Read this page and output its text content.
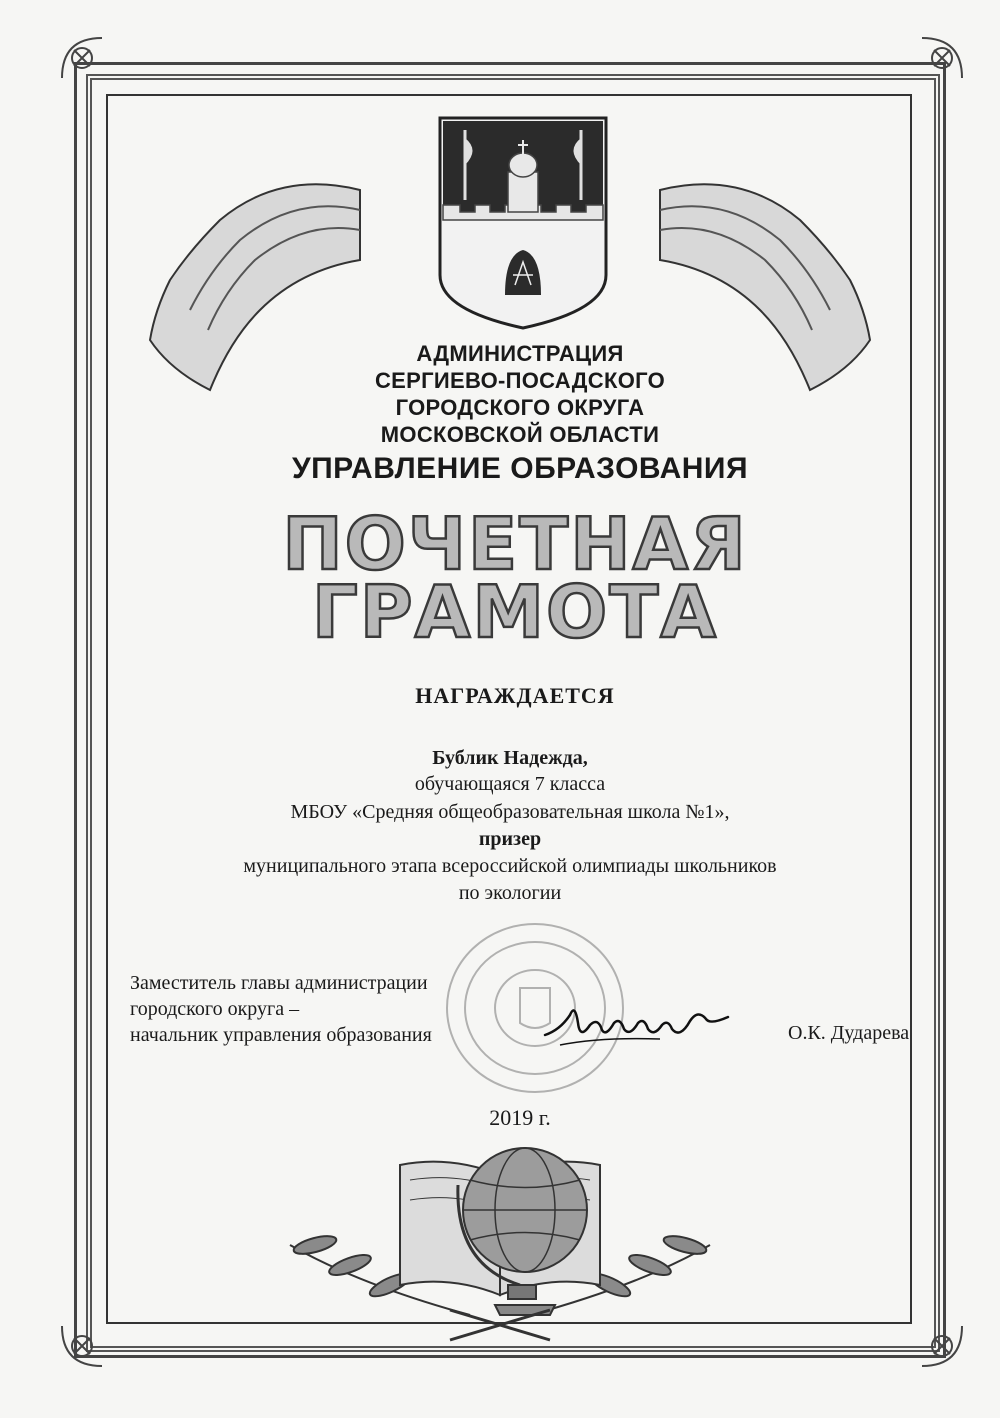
АДМИНИСТРАЦИЯ
СЕРГИЕВО-ПОСАДСКОГО
ГОРОДСКОГО ОКРУГА
МОСКОВСКОЙ ОБЛАСТИ
УПРАВЛЕНИЕ ОБРАЗОВАНИЯ
ПОЧЕТНАЯ
ГРАМОТА
НАГРАЖДАЕТСЯ
Бублик Надежда,
обучающаяся 7 класса
МБОУ «Средняя общеобразовательная школа №1»,
призер
муниципального этапа всероссийской олимпиады школьников
по экологии
Заместитель главы администрации
городского округа –
начальник управления образования	О.К. Дударева
2019 г.
